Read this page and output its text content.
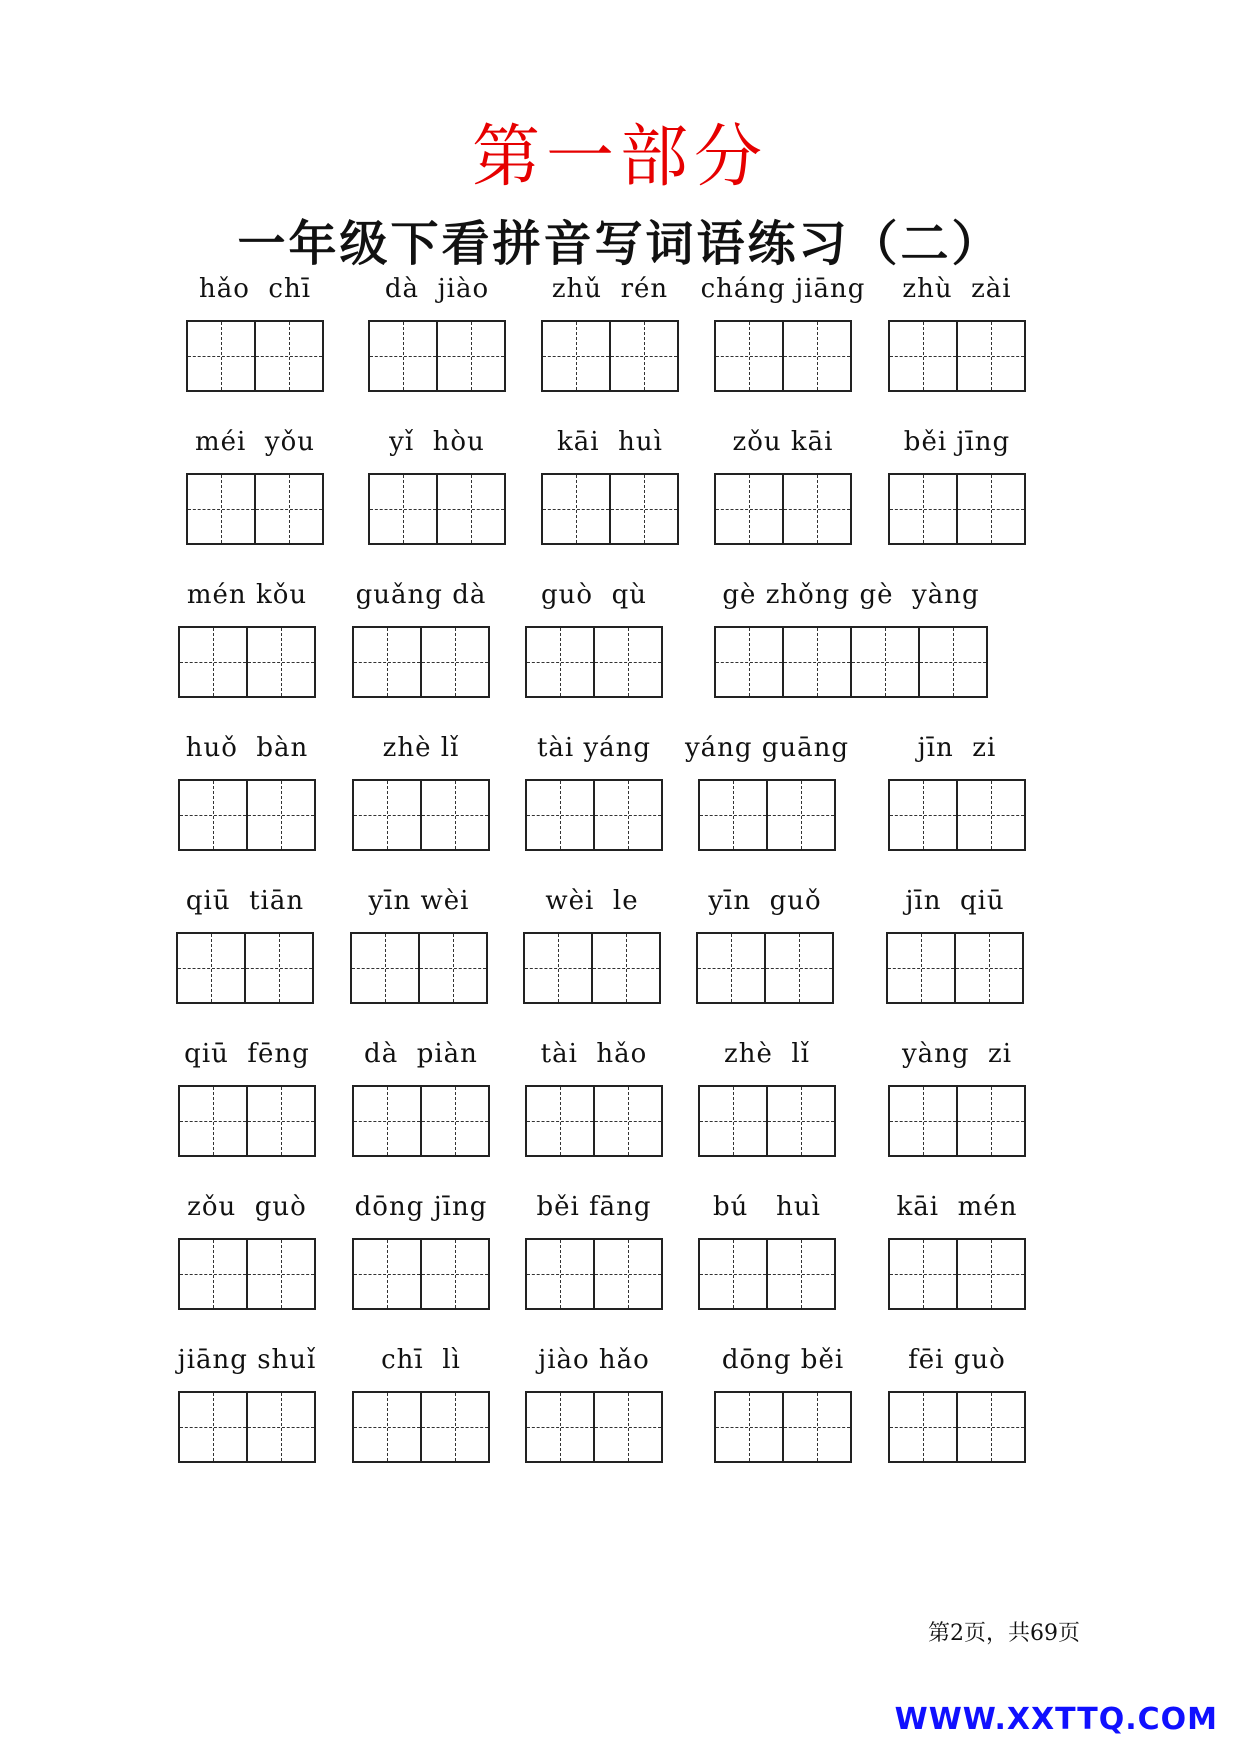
第一部分
一年级下看拼音写词语练习（二）
hǎo  chī	dà  jiào	zhǔ  rén	cháng jiāng	zhù  zài
méi  yǒu	yǐ  hòu	kāi  huì	zǒu kāi	běi jīng
mén kǒu	guǎng dà	guò  qù	gè zhǒng gè  yàng
huǒ  bàn	zhè lǐ	tài yáng	yáng guāng	jīn  zi
qiū  tiān	yīn wèi	wèi  le	yīn  guǒ	jīn  qiū
qiū  fēng	dà  piàn	tài  hǎo	zhè  lǐ	yàng  zi
zǒu  guò	dōng jīng	běi fāng	bú   huì	kāi  mén
jiāng shuǐ	chī  lì	jiào hǎo	dōng běi	fēi guò
第2页，共69页
WWW.XXTTQ.COM
